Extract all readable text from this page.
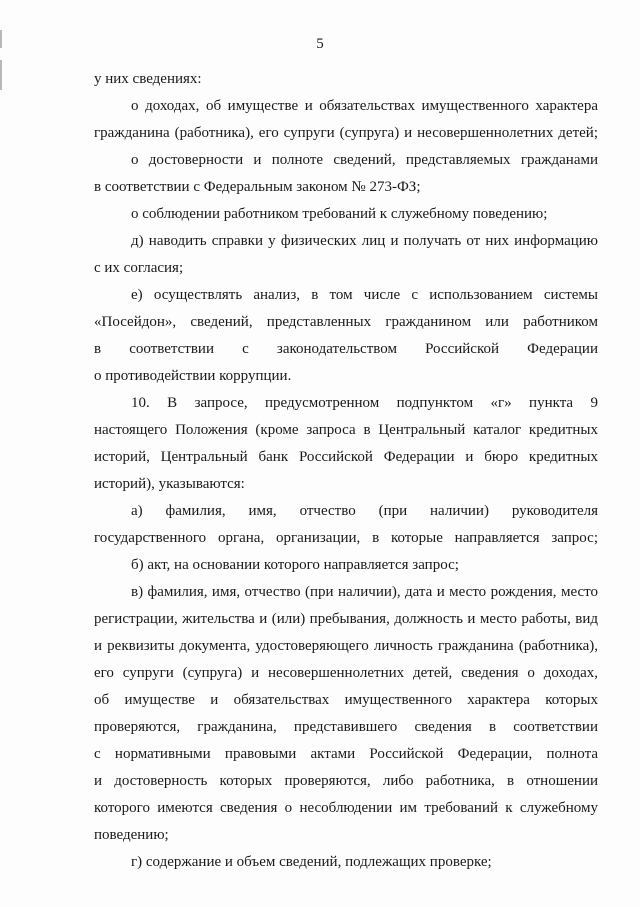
5
у них сведениях:
о доходах, об имуществе и обязательствах имущественного характера
гражданина (работника), его супруги (супруга) и несовершеннолетних детей;
о достоверности и полноте сведений, представляемых гражданами
в соответствии с Федеральным законом № 273-ФЗ;
о соблюдении работником требований к служебному поведению;
д) наводить справки у физических лиц и получать от них информацию
с их согласия;
е) осуществлять анализ, в том числе с использованием системы
«Посейдон», сведений, представленных гражданином или работником
в соответствии с законодательством Российской Федерации
о противодействии коррупции.
10. В запросе, предусмотренном подпунктом «г» пункта 9
настоящего Положения (кроме запроса в Центральный каталог кредитных
историй, Центральный банк Российской Федерации и бюро кредитных
историй), указываются:
а) фамилия, имя, отчество (при наличии) руководителя
государственного органа, организации, в которые направляется запрос;
б) акт, на основании которого направляется запрос;
в) фамилия, имя, отчество (при наличии), дата и место рождения, место
регистрации, жительства и (или) пребывания, должность и место работы, вид
и реквизиты документа, удостоверяющего личность гражданина (работника),
его супруги (супруга) и несовершеннолетних детей, сведения о доходах,
об имуществе и обязательствах имущественного характера которых
проверяются, гражданина, представившего сведения в соответствии
с нормативными правовыми актами Российской Федерации, полнота
и достоверность которых проверяются, либо работника, в отношении
которого имеются сведения о несоблюдении им требований к служебному
поведению;
г) содержание и объем сведений, подлежащих проверке;
